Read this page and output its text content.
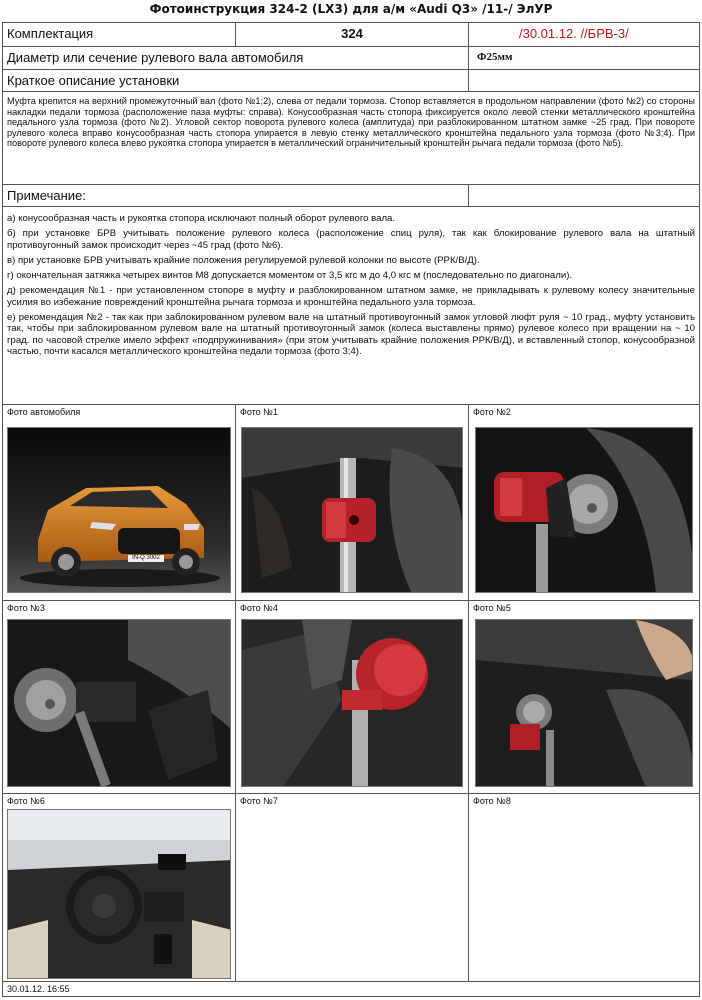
Фотоинструкция 324-2 (LX3) для а/м «Audi Q3» /11-/ ЭлУР
Комплектация	324	/30.01.12. //БРВ-3/
Диаметр или сечение рулевого вала автомобиля	Ф25мм
Краткое описание установки
Муфта крепится на верхний промежуточный вал (фото №1;2), слева от педали тормоза. Стопор вставляется в продольном направлении (фото №2) со стороны накладки педали тормоза (расположение паза муфты: справа). Конусообразная часть стопора фиксируется около левой стенки металлического кронштейна педального узла тормоза (фото №2). Угловой сектор поворота рулевого колеса (амплитуда) при разблокированном штатном замке ~25 град. При повороте рулевого колеса вправо конусообразная часть стопора упирается в левую стенку металлического кронштейна педального узла тормоза (фото №3;4). При повороте рулевого колеса влево рукоятка стопора упирается в металлический ограничительный кронштейн рычага педали тормоза (фото №5).
Примечание:

а) конусообразная часть и рукоятка стопора исключают полный оборот рулевого вала.

б) при установке БРВ учитывать положение рулевого колеса (расположение спиц руля), так как блокирование рулевого вала на штатный противоугонный замок происходит через ~45 град (фото №6).

в) при установке БРВ учитывать крайние положения регулируемой рулевой колонки по высоте (РРК/В/Д).

г) окончательная затяжка четырех винтов М8 допускается моментом от 3,5 кгс м до 4,0 кгс м (последовательно по диагонали).

д) рекомендация №1 - при установленном стопоре в муфту и разблокированном штатном замке, не прикладывать к рулевому колесу значительные усилия во избежание повреждений кронштейна рычага тормоза и кронштейна педального узла тормоза.

е) рекомендация №2 - так как при заблокированном рулевом вале на штатный противоугонный замок угловой люфт руля ~ 10 град., муфту установить так, чтобы при заблокированном рулевом вале на штатный противоугонный замок (колеса выставлены прямо) рулевое колесо при вращении на ~ 10 град. по часовой стрелке имело эффект «подпружинивания» (при этом учитывать крайние положения РРК/В/Д), и вставленный стопор, конусообразной частью, почти касался металлического кронштейна педали тормоза (фото 3;4).

Фото автомобиля
IN-Q 3002
Фото №1	Фото №2
Фото №3	Фото №4	Фото №5
Фото №6	Фото №7	Фото №8
30.01.12. 16:55
